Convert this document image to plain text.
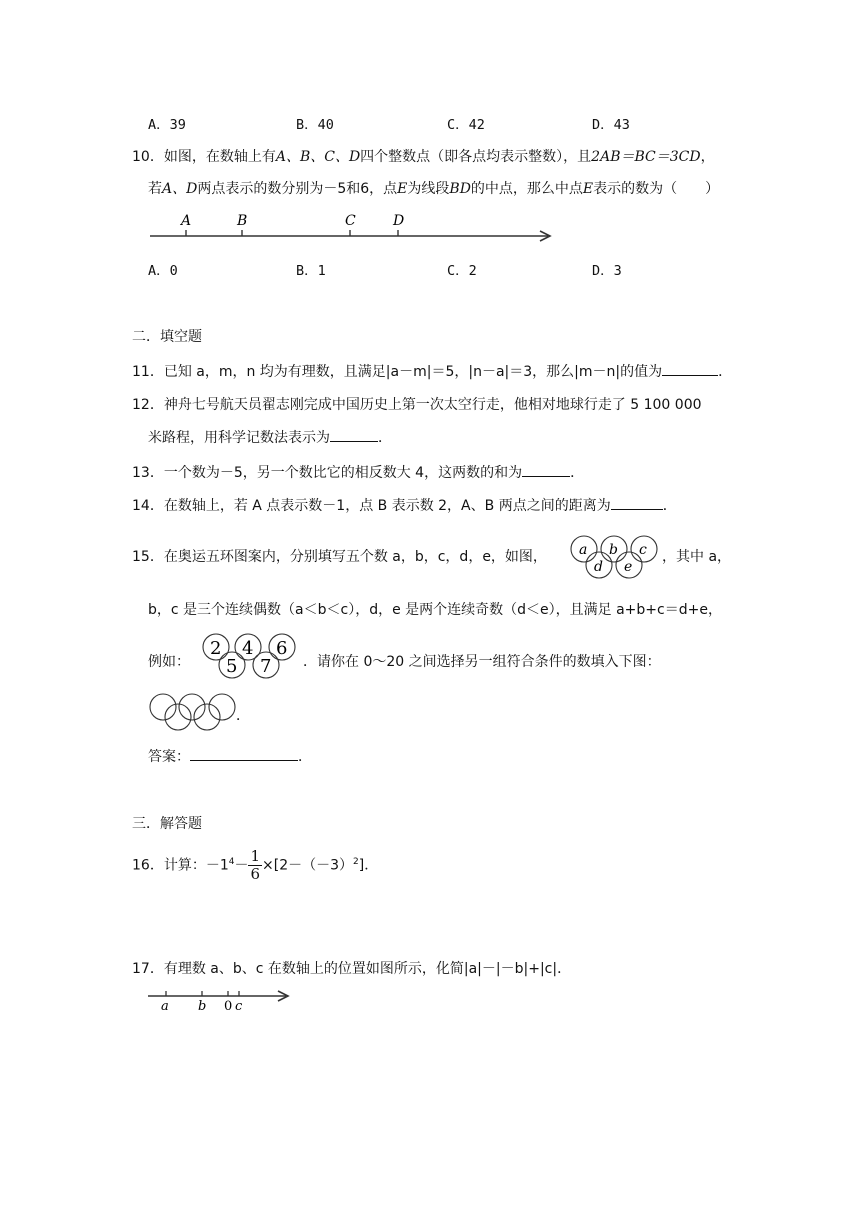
A．39	B．40	C．42	D．43
10．如图，在数轴上有A、B、C、D四个整数点（即各点均表示整数），且2AB＝BC＝3CD，
若A、D两点表示的数分别为－5和6，点E为线段BD的中点，那么中点E表示的数为（　　）
A	B	C	D
A．0	B．1	C．2	D．3
二．填空题
11．已知 a，m，n 均为有理数，且满足|a－m|＝5，|n－a|＝3，那么|m－n|的值为	．
12．神舟七号航天员翟志刚完成中国历史上第一次太空行走，他相对地球行走了 5 100 000
米路程，用科学记数法表示为	．
13．一个数为－5，另一个数比它的相反数大 4，这两数的和为	．
14．在数轴上，若 A 点表示数－1，点 B 表示数 2，A、B 两点之间的距离为	．
15．在奥运五环图案内，分别填写五个数 a，b，c，d，e，如图， a b c
d e
，其中 a，
b，c 是三个连续偶数（a＜b＜c），d，e 是两个连续奇数（d＜e），且满足 a+b+c＝d+e，
例如：
2 4 6
5 7 ．请你在 0～20 之间选择另一组符合条件的数填入下图：
．
答案：	．
三．解答题
16．计算：$-1^4- \frac{1}{6} \times[2-(-3)^2]$．
17．有理数 a、b、c 在数轴上的位置如图所示，化简|a|－|－b|+|c|．
a b 0 c
